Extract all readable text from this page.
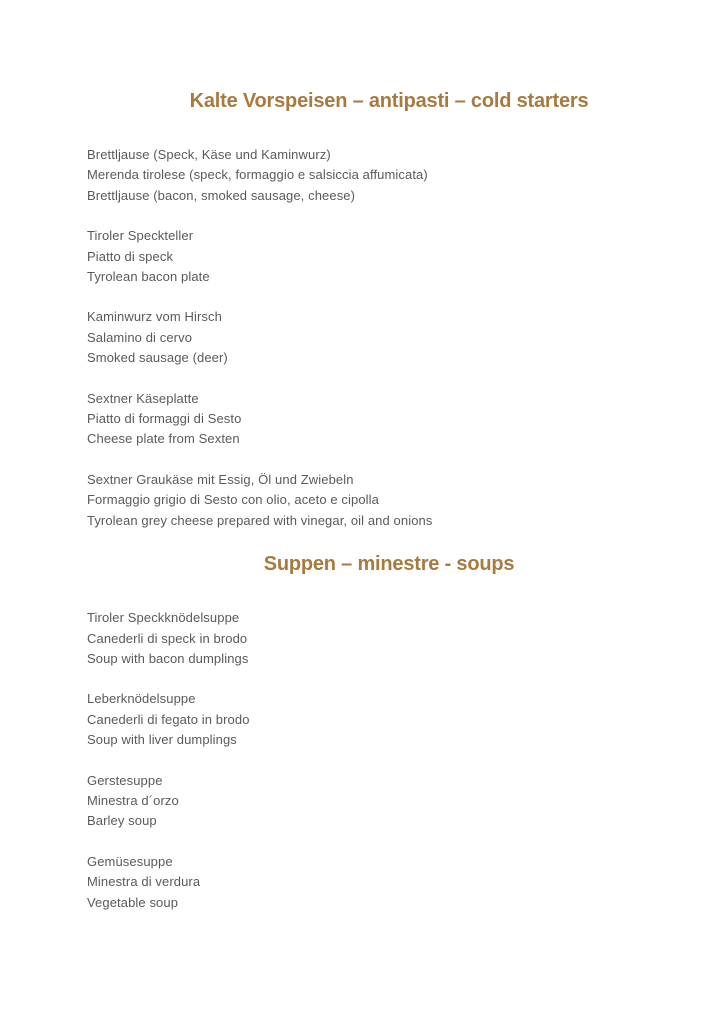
Kalte Vorspeisen – antipasti – cold starters

Brettljause (Speck, Käse und Kaminwurz)

Merenda tirolese (speck, formaggio e salsiccia affumicata)

Brettljause (bacon, smoked sausage, cheese)

Tiroler Speckteller

Piatto di speck

Tyrolean bacon plate

Kaminwurz vom Hirsch

Salamino di cervo

Smoked sausage (deer)

Sextner Käseplatte

Piatto di formaggi di Sesto

Cheese plate from Sexten

Sextner Graukäse mit Essig, Öl und Zwiebeln

Formaggio grigio di Sesto con olio, aceto e cipolla

Tyrolean grey cheese prepared with vinegar, oil and onions

Suppen – minestre - soups

Tiroler Speckknödelsuppe

Canederli di speck in brodo

Soup with bacon dumplings

Leberknödelsuppe

Canederli di fegato in brodo

Soup with liver dumplings

Gerstesuppe

Minestra d´orzo

Barley soup

Gemüsesuppe

Minestra di verdura

Vegetable soup
